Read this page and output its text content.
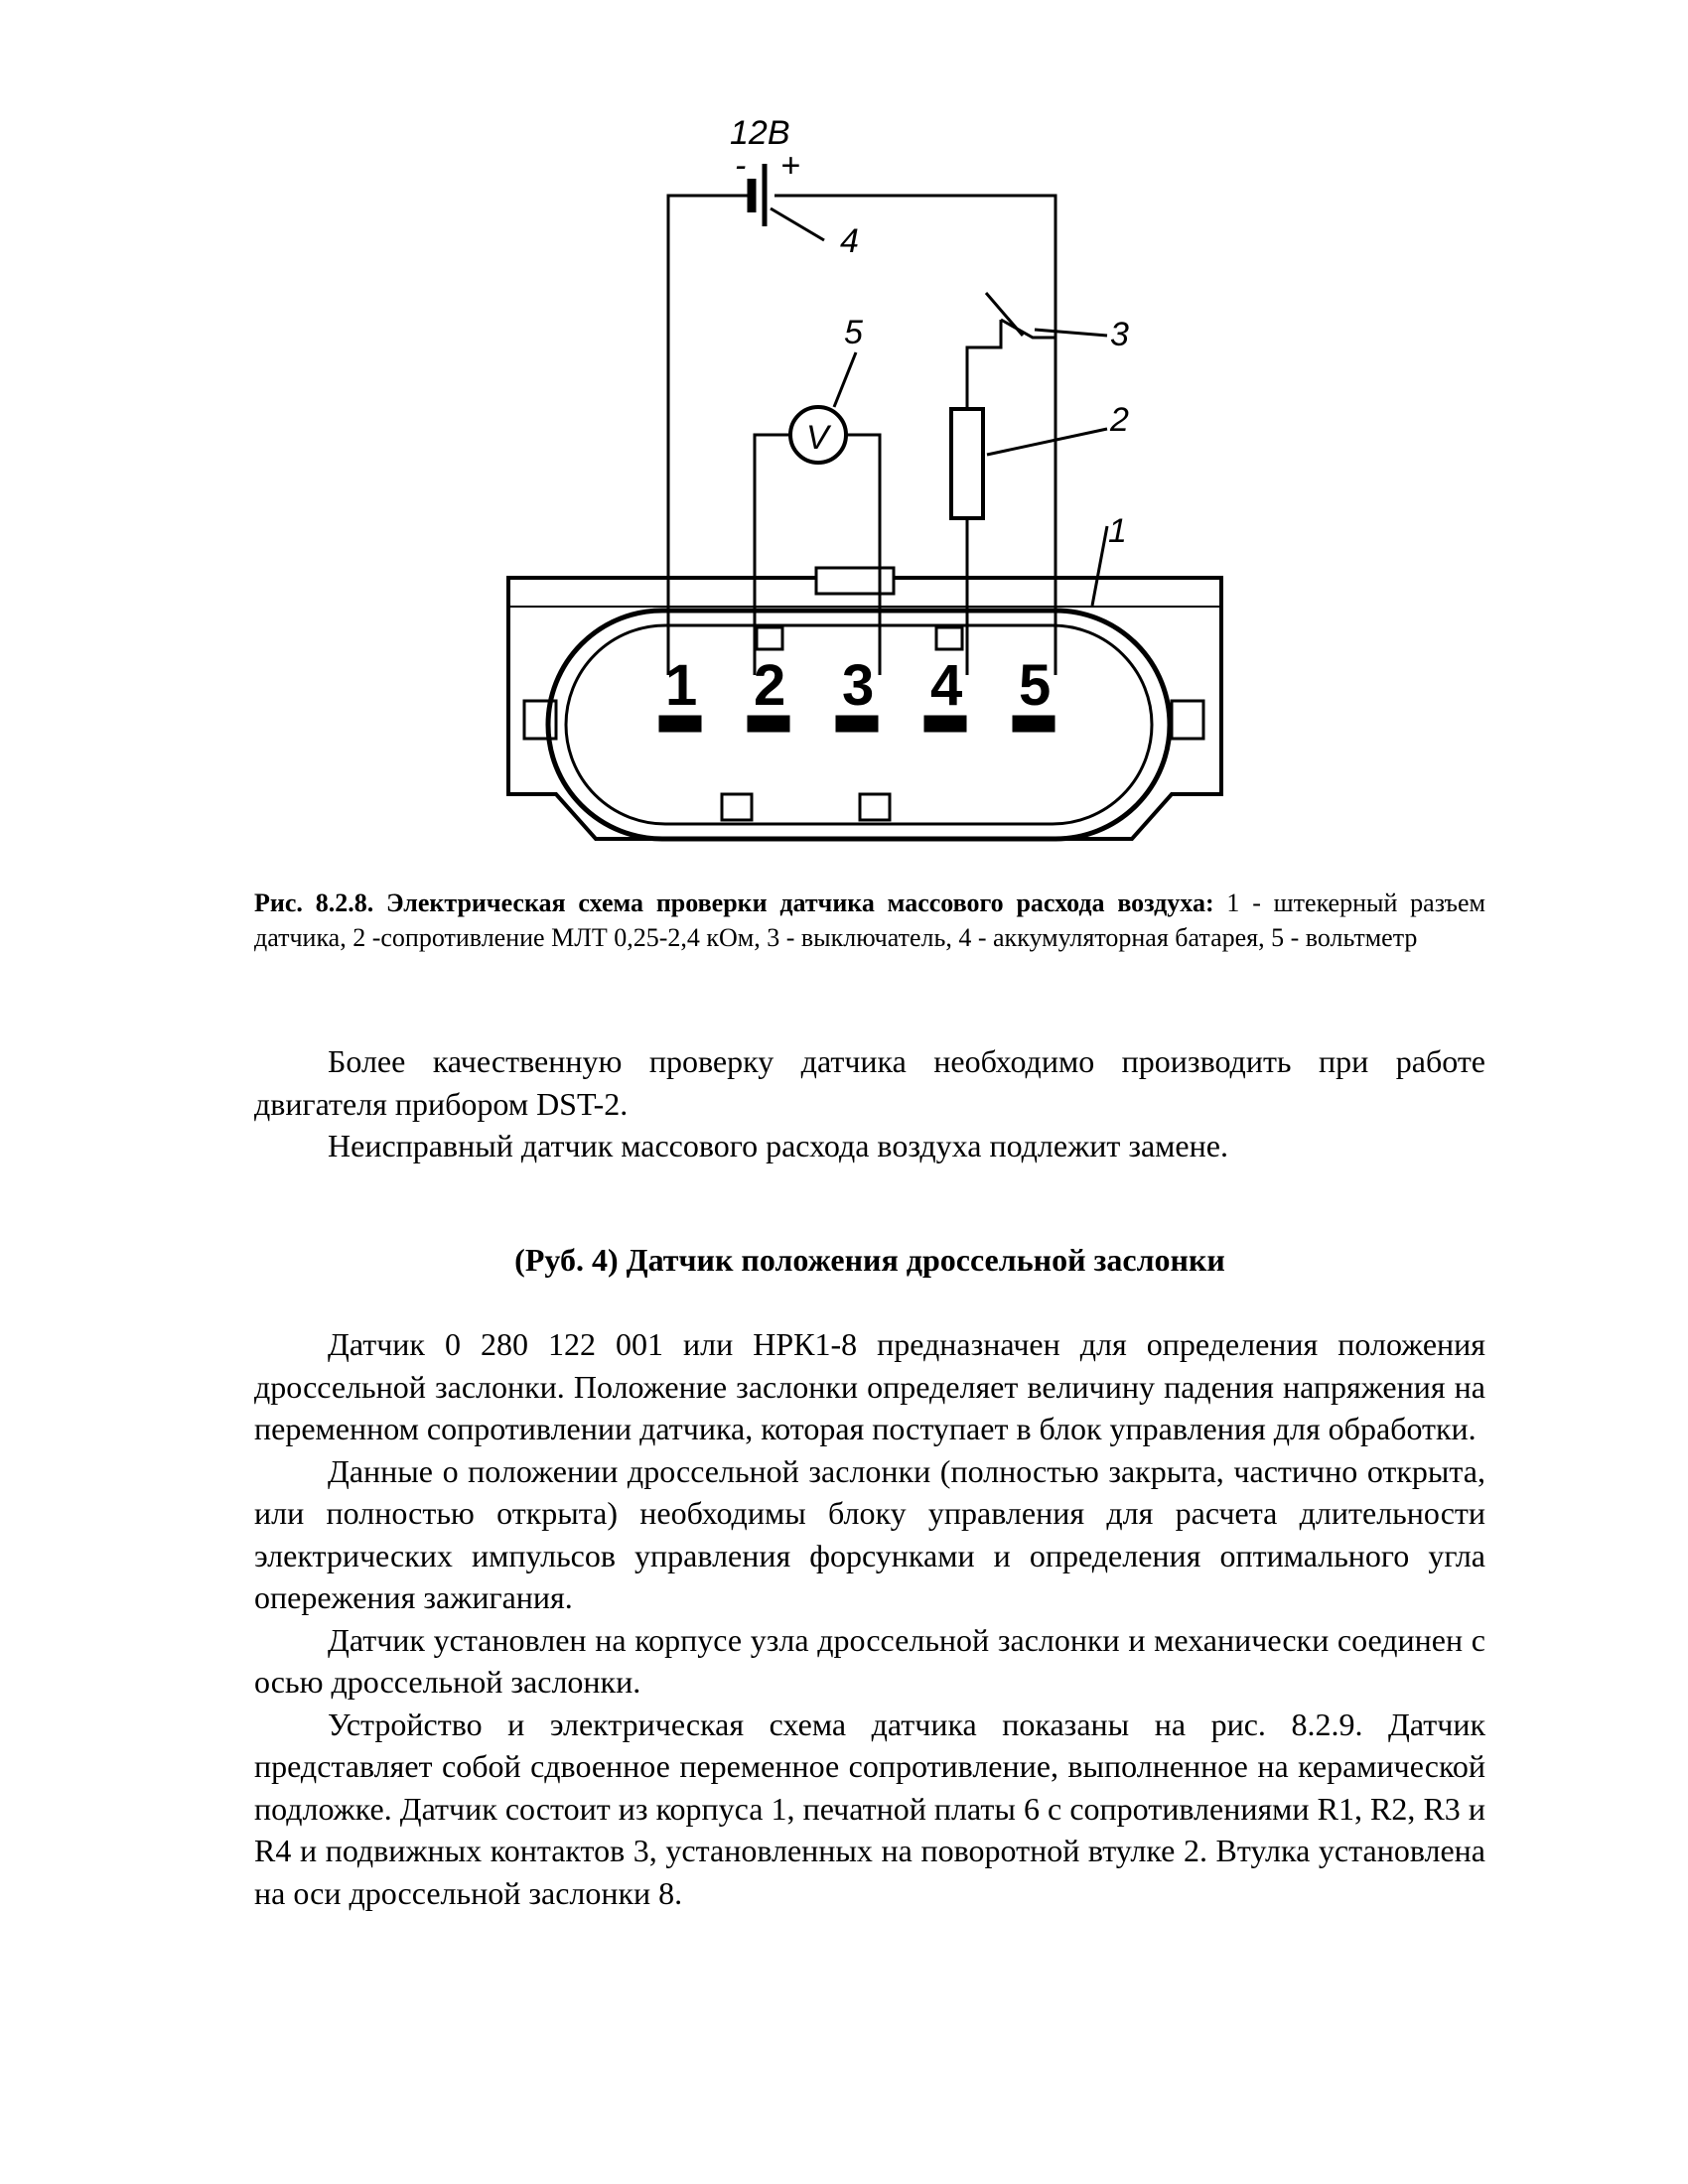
12В
- +
V
1
2
3
4
5
1 2 3 4 5
Рис. 8.2.8. Электрическая схема проверки датчика массового расхода воздуха: 1 - штекерный разъем датчика, 2 -сопротивление МЛТ 0,25-2,4 кОм, 3 - выключатель, 4 - аккумуляторная батарея, 5 - вольтметр

Более качественную проверку датчика необходимо производить при работе двигателя прибором DST-2.

Неисправный датчик массового расхода воздуха подлежит замене.

(Руб. 4) Датчик положения дроссельной заслонки

Датчик 0 280 122 001 или НРК1-8 предназначен для определения положения дроссельной заслонки. Положение заслонки определяет величину падения напряжения на переменном сопротивлении датчика, которая поступает в блок управления для обработки.

Данные о положении дроссельной заслонки (полностью закрыта, частично открыта, или полностью открыта) необходимы блоку управления для расчета длительности электрических импульсов управления форсунками и определения оптимального угла опережения зажигания.

Датчик установлен на корпусе узла дроссельной заслонки и механически соединен с осью дроссельной заслонки.

Устройство и электрическая схема датчика показаны на рис. 8.2.9. Датчик представляет собой сдвоенное переменное сопротивление, выполненное на керамической подложке. Датчик состоит из корпуса 1, печатной платы 6 с сопротивлениями R1, R2, R3 и R4 и подвижных контактов 3, установленных на поворотной втулке 2. Втулка установлена на оси дроссельной заслонки 8.
